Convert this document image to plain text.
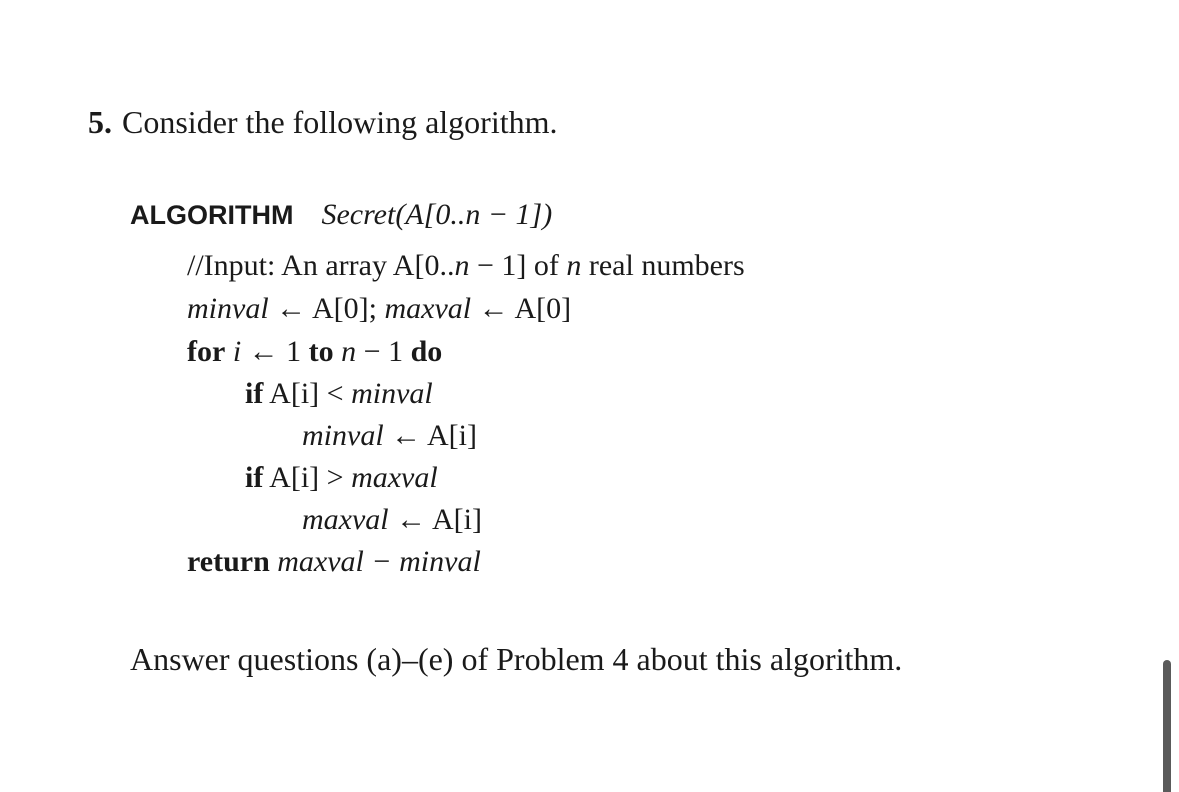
5. Consider the following algorithm.
ALGORITHM Secret(A[0..n − 1])
//Input: An array A[0..n − 1] of n real numbers
minval ← A[0]; maxval ← A[0]
for i ← 1 to n − 1 do
if A[i] < minval
minval ← A[i]
if A[i] > maxval
maxval ← A[i]
return maxval − minval
Answer questions (a)–(e) of Problem 4 about this algorithm.
